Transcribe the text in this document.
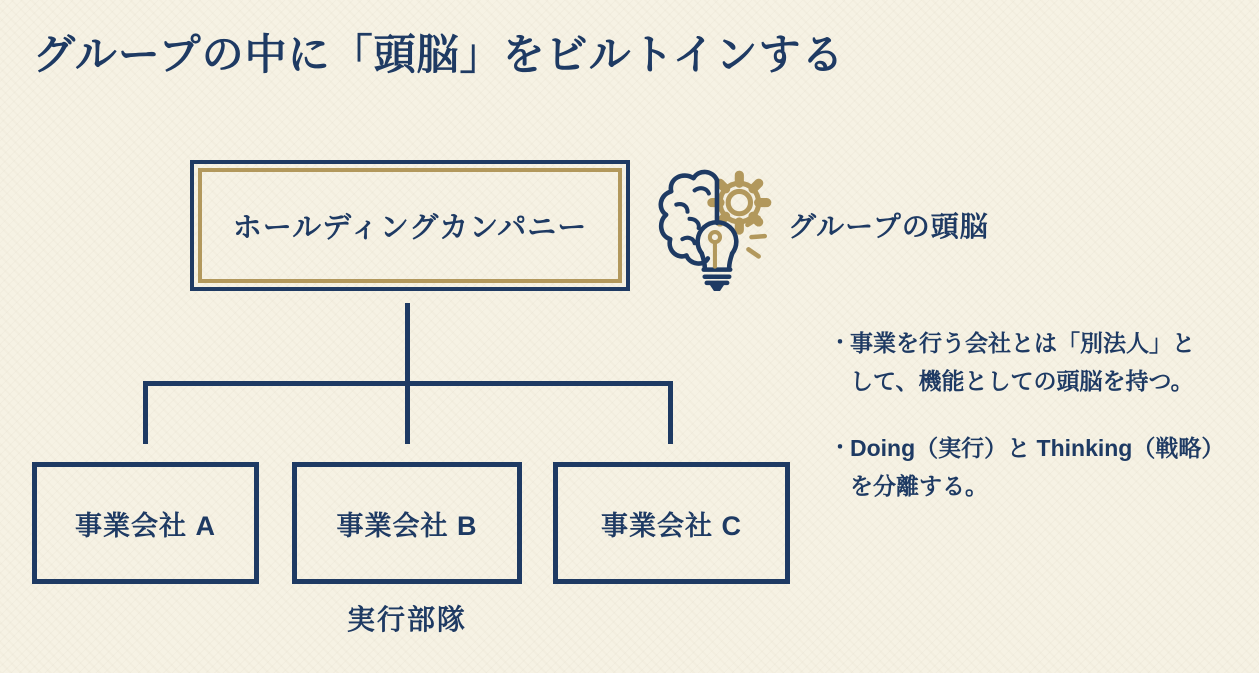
グループの中に「頭脳」をビルトインする
ホールディングカンパニー	グループの頭脳
事業会社 A	事業会社 B	事業会社 C
実行部隊
・ 事業を行う会社とは「別法人」と
して、機能としての頭脳を持つ。
・ Doing（実行）と Thinking（戦略）
を分離する。
